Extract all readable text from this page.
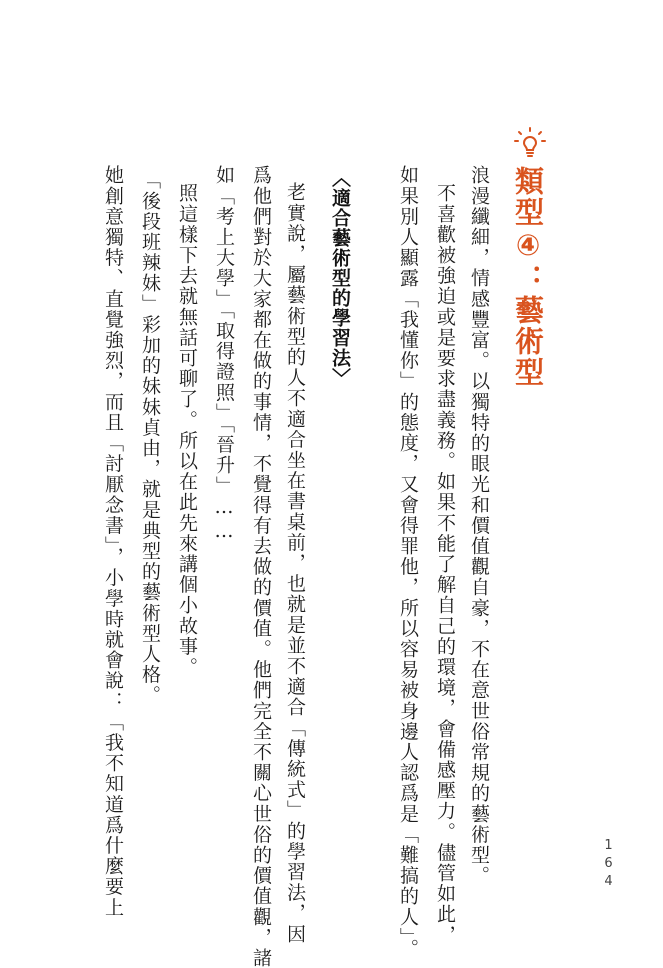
類型④：藝術型
浪漫纖細，情感豐富。以獨特的眼光和價值觀自豪，不在意世俗常規的藝術型。
不喜歡被強迫或是要求盡義務。如果不能了解自己的環境，會備感壓力。儘管如此，
如果別人顯露「我懂你」的態度，又會得罪他，所以容易被身邊人認爲是「難搞的人」。
〈適合藝術型的學習法〉
老實說，屬藝術型的人不適合坐在書桌前，也就是並不適合「傳統式」的學習法，因
爲他們對於大家都在做的事情，不覺得有去做的價值。他們完全不關心世俗的價值觀，諸
如「考上大學」「取得證照」「晉升」……
照這樣下去就無話可聊了。所以在此先來講個小故事。
「後段班辣妹」彩加的妹妹貞由，就是典型的藝術型人格。
她創意獨特、直覺強烈，而且「討厭念書」，小學時就會說：「我不知道爲什麼要上	164
